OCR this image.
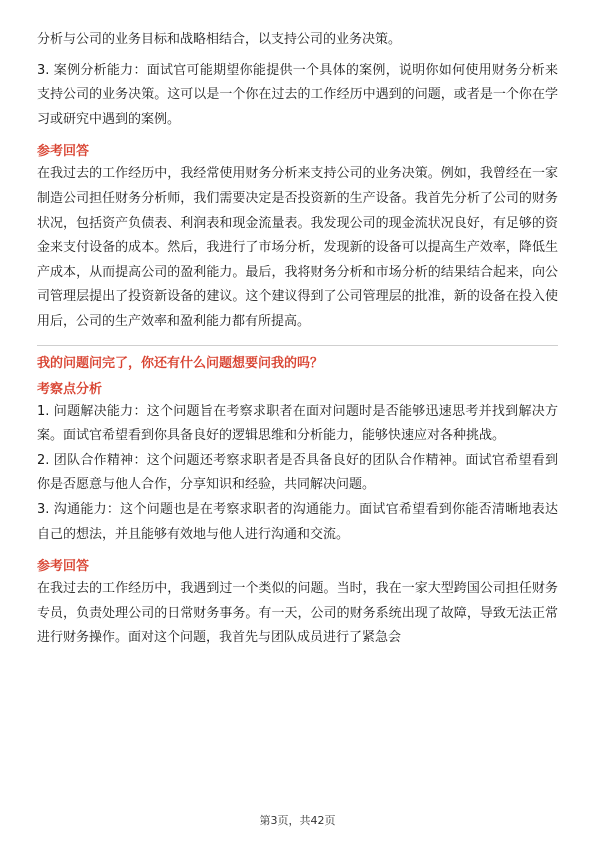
分析与公司的业务目标和战略相结合，以支持公司的业务决策。

3. 案例分析能力：面试官可能期望你能提供一个具体的案例，说明你如何使用财务分析来支持公司的业务决策。这可以是一个你在过去的工作经历中遇到的问题，或者是一个你在学习或研究中遇到的案例。

参考回答

在我过去的工作经历中，我经常使用财务分析来支持公司的业务决策。例如，我曾经在一家制造公司担任财务分析师，我们需要决定是否投资新的生产设备。我首先分析了公司的财务状况，包括资产负债表、利润表和现金流量表。我发现公司的现金流状况良好，有足够的资金来支付设备的成本。然后，我进行了市场分析，发现新的设备可以提高生产效率，降低生产成本，从而提高公司的盈利能力。最后，我将财务分析和市场分析的结果结合起来，向公司管理层提出了投资新设备的建议。这个建议得到了公司管理层的批准，新的设备在投入使用后，公司的生产效率和盈利能力都有所提高。

我的问题问完了，你还有什么问题想要问我的吗？
考察点分析

1. 问题解决能力：这个问题旨在考察求职者在面对问题时是否能够迅速思考并找到解决方案。面试官希望看到你具备良好的逻辑思维和分析能力，能够快速应对各种挑战。

2. 团队合作精神：这个问题还考察求职者是否具备良好的团队合作精神。面试官希望看到你是否愿意与他人合作，分享知识和经验，共同解决问题。

3. 沟通能力：这个问题也是在考察求职者的沟通能力。面试官希望看到你能否清晰地表达自己的想法，并且能够有效地与他人进行沟通和交流。

参考回答

在我过去的工作经历中，我遇到过一个类似的问题。当时，我在一家大型跨国公司担任财务专员，负责处理公司的日常财务事务。有一天，公司的财务系统出现了故障，导致无法正常进行财务操作。面对这个问题，我首先与团队成员进行了紧急会

第3页，共42页
